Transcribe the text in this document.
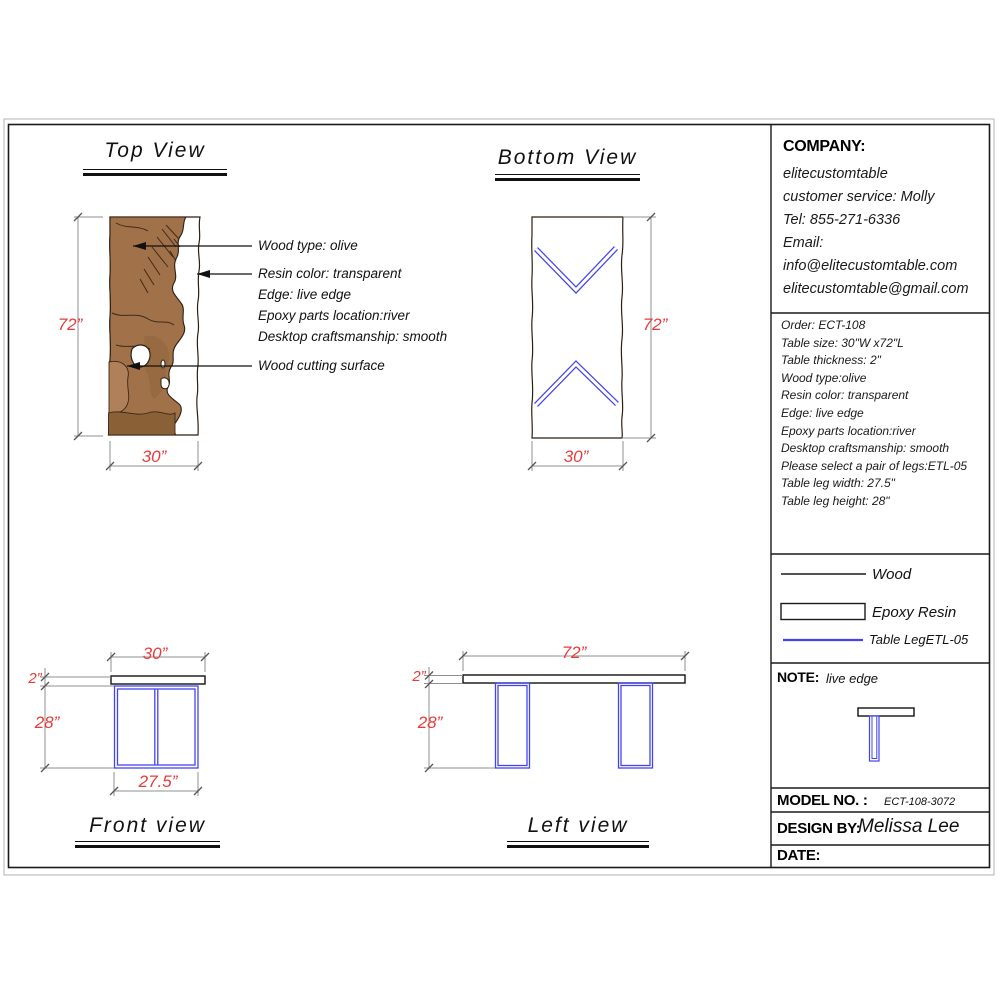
Top View	Bottom View
Front view	Left view
Wood type: olive
Resin color: transparent
Edge: live edge
Epoxy parts location:river
Desktop craftsmanship: smooth
Wood cutting surface
72”
30”
72”
30”
30”
2”
28”
27.5”
72”
2”
28”
COMPANY:
elitecustomtable
customer service: Molly
Tel: 855-271-6336
Email:
info@elitecustomtable.com
elitecustomtable@gmail.com
Order: ECT-108
Table size: 30"W x72"L
Table thickness: 2"
Wood type:olive
Resin color: transparent
Edge: live edge
Epoxy parts location:river
Desktop craftsmanship: smooth
Please select a pair of legs:ETL-05
Table leg width: 27.5"
Table leg height: 28"
Wood
Epoxy Resin
Table LegETL-05
NOTE: live edge
MODEL NO. : ECT-108-3072
DESIGN BY:
Melissa Lee
DATE:
